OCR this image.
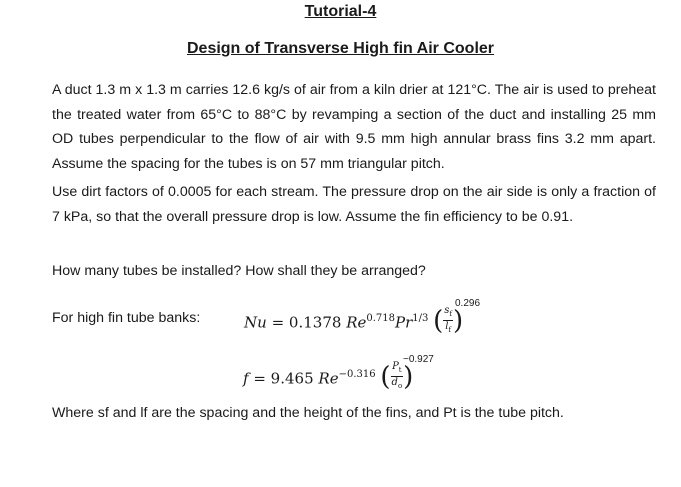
Tutorial-4
Design of Transverse High fin Air Cooler
A duct 1.3 m x 1.3 m carries 12.6 kg/s of air from a kiln drier at 121°C. The air is used to preheat the treated water from 65°C to 88°C by revamping a section of the duct and installing 25 mm OD tubes perpendicular to the flow of air with 9.5 mm high annular brass fins 3.2 mm apart. Assume the spacing for the tubes is on 57 mm triangular pitch.
Use dirt factors of 0.0005 for each stream. The pressure drop on the air side is only a fraction of 7 kPa, so that the overall pressure drop is low. Assume the fin efficiency to be 0.91.
How many tubes be installed? How shall they be arranged?
For high fin tube banks:	Nu = 0.1378 $Re^{0.718}Pr^{1/3}$ ( $\frac{s_f}{l_f}$ )
0.296
f = 9.465 $Re^{-0.316}$ ( $\frac{P_t}{d_o}$ )
−0.927
Where sf and lf are the spacing and the height of the fins, and Pt is the tube pitch.
